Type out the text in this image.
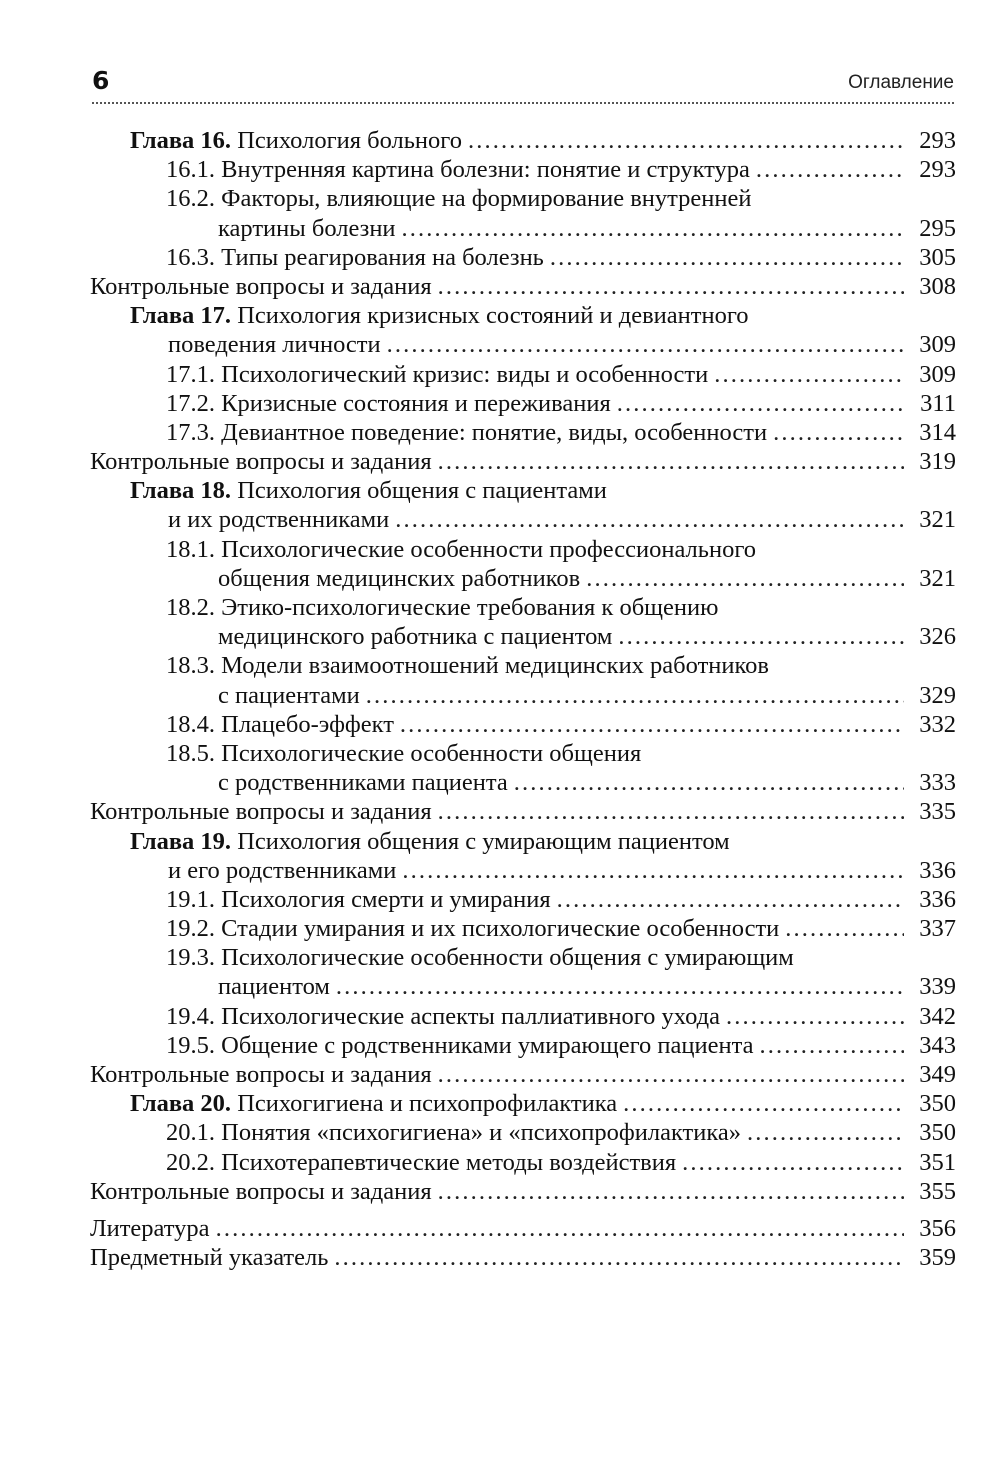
6	Оглавление
Глава 16. Психология больного . . .	293
16.1. Внутренняя картина болезни: понятие и структура . . .	293
16.2. Факторы, влияющие на формирование внутренней
картины болезни . . .	295
16.3. Типы реагирования на болезнь . . .	305
Контрольные вопросы и задания . . .	308
Глава 17. Психология кризисных состояний и девиантного
поведения личности . . .	309
17.1. Психологический кризис: виды и особенности . . .	309
17.2. Кризисные состояния и переживания . . .	311
17.3. Девиантное поведение: понятие, виды, особенности . . .	314
Контрольные вопросы и задания . . .	319
Глава 18. Психология общения с пациентами
и их родственниками . . .	321
18.1. Психологические особенности профессионального
общения медицинских работников . . .	321
18.2. Этико-психологические требования к общению
медицинского работника с пациентом . . .	326
18.3. Модели взаимоотношений медицинских работников
с пациентами . . .	329
18.4. Плацебо-эффект . . .	332
18.5. Психологические особенности общения
с родственниками пациента . . .	333
Контрольные вопросы и задания . . .	335
Глава 19. Психология общения с умирающим пациентом
и его родственниками . . .	336
19.1. Психология смерти и умирания . . .	336
19.2. Стадии умирания и их психологические особенности . . .	337
19.3. Психологические особенности общения с умирающим
пациентом . . .	339
19.4. Психологические аспекты паллиативного ухода . . .	342
19.5. Общение с родственниками умирающего пациента . . .	343
Контрольные вопросы и задания . . .	349
Глава 20. Психогигиена и психопрофилактика . . .	350
20.1. Понятия «психогигиена» и «психопрофилактика» . . .	350
20.2. Психотерапевтические методы воздействия . . .	351
Контрольные вопросы и задания . . .	355
Литература . . .	356
Предметный указатель . . .	359
